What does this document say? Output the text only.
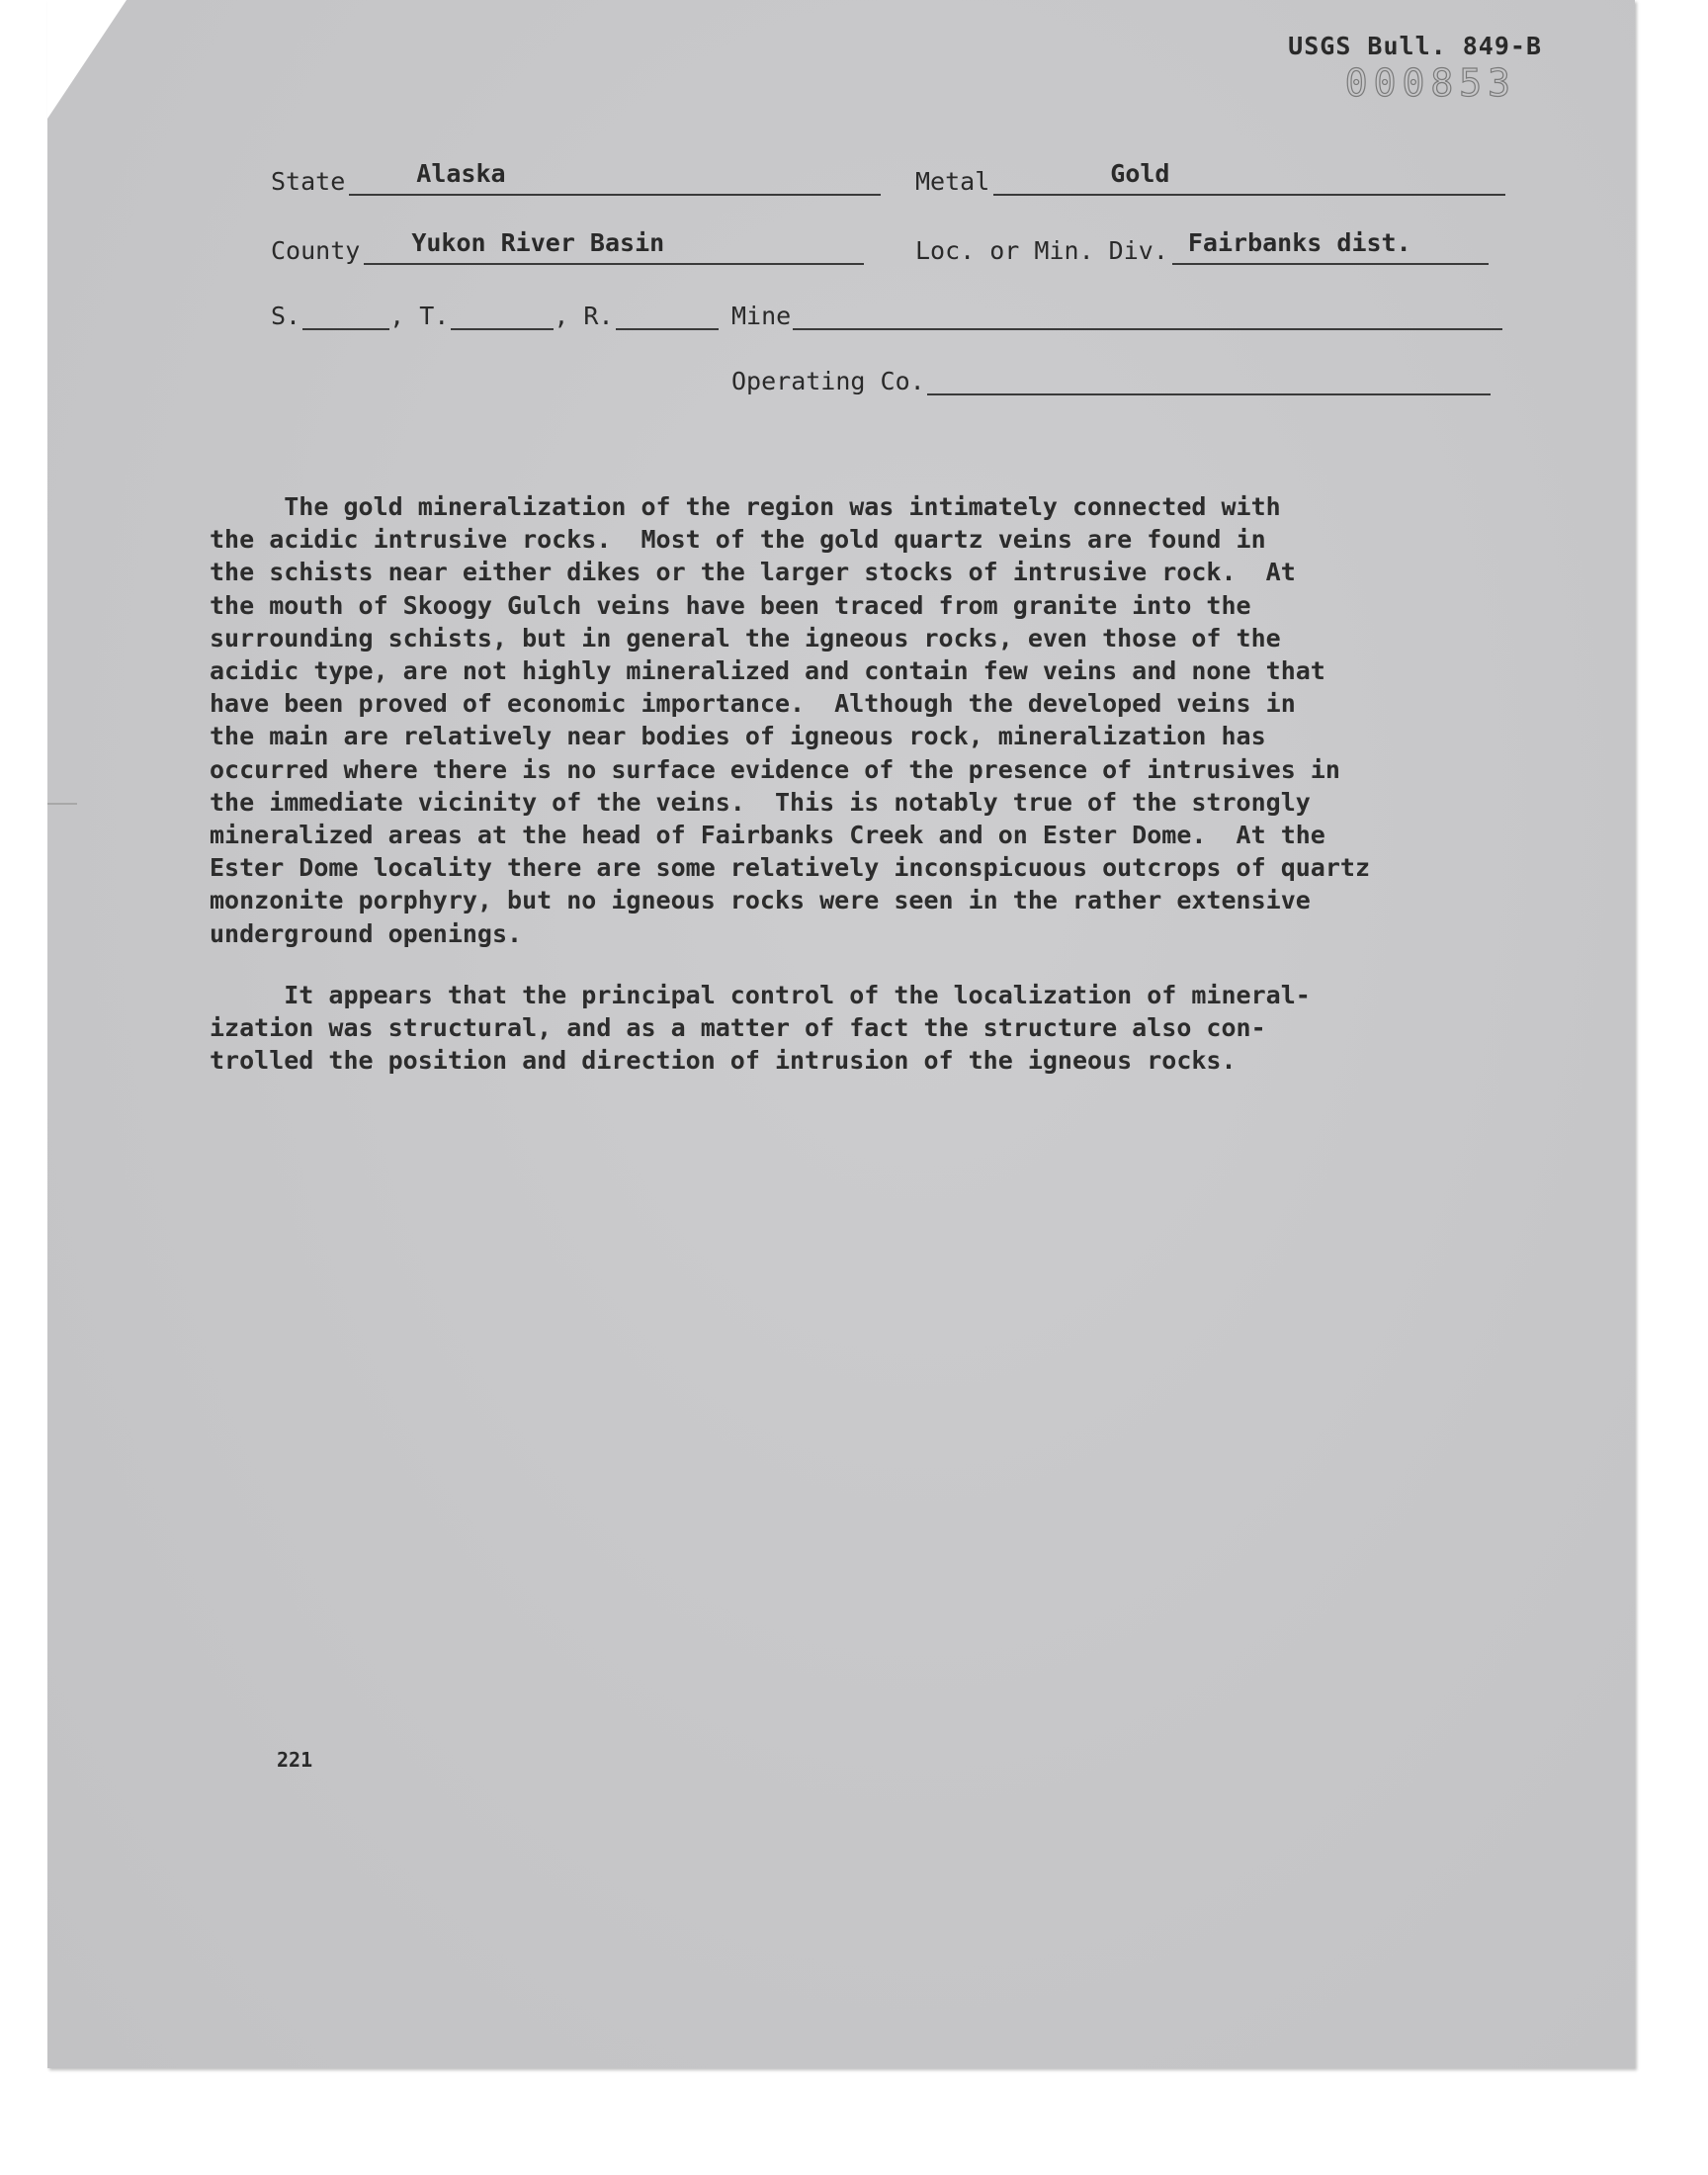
USGS Bull. 849-B
000853
State	Alaska	Metal	Gold
County	Yukon River Basin	Loc. or Min. Div. Fairbanks dist.
S.	, T.	, R.	Mine
Operating Co.
The gold mineralization of the region was intimately connected with
the acidic intrusive rocks.  Most of the gold quartz veins are found in
the schists near either dikes or the larger stocks of intrusive rock.  At
the mouth of Skoogy Gulch veins have been traced from granite into the
surrounding schists, but in general the igneous rocks, even those of the
acidic type, are not highly mineralized and contain few veins and none that
have been proved of economic importance.  Although the developed veins in
the main are relatively near bodies of igneous rock, mineralization has
occurred where there is no surface evidence of the presence of intrusives in
the immediate vicinity of the veins.  This is notably true of the strongly
mineralized areas at the head of Fairbanks Creek and on Ester Dome.  At the
Ester Dome locality there are some relatively inconspicuous outcrops of quartz
monzonite porphyry, but no igneous rocks were seen in the rather extensive
underground openings.
It appears that the principal control of the localization of mineral-
ization was structural, and as a matter of fact the structure also con-
trolled the position and direction of intrusion of the igneous rocks.
221
